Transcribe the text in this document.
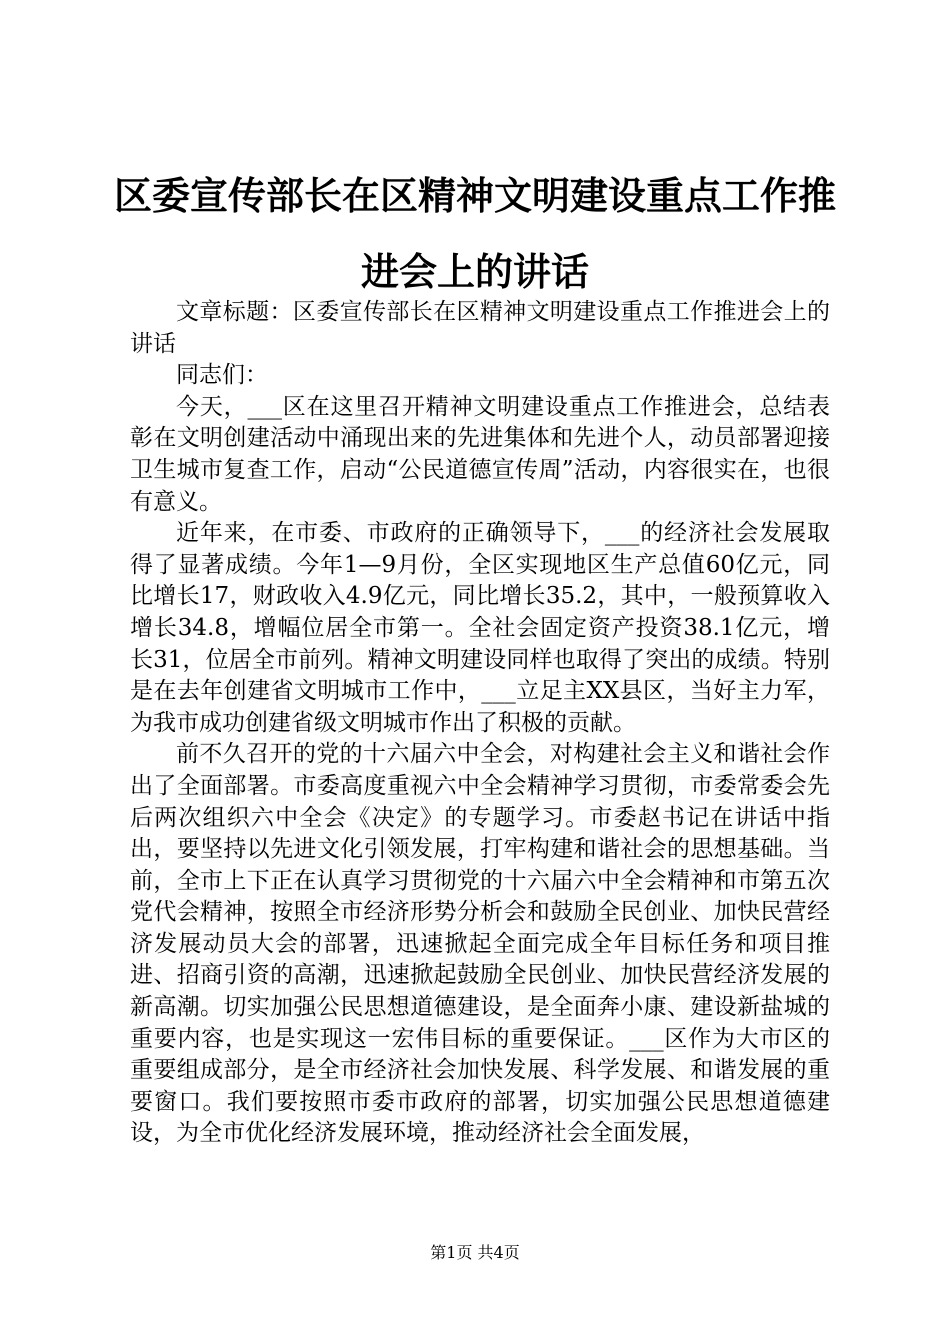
区委宣传部长在区精神文明建设重点工作推进会上的讲话

文章标题：区委宣传部长在区精神文明建设重点工作推进会上的讲话

同志们：

今天，___区在这里召开精神文明建设重点工作推进会，总结表彰在文明创建活动中涌现出来的先进集体和先进个人，动员部署迎接卫生城市复查工作，启动“公民道德宣传周”活动，内容很实在，也很有意义。

近年来，在市委、市政府的正确领导下，___的经济社会发展取得了显著成绩。今年1—9月份，全区实现地区生产总值60亿元，同比增长17，财政收入4.9亿元，同比增长35.2，其中，一般预算收入增长34.8，增幅位居全市第一。全社会固定资产投资38.1亿元，增长31，位居全市前列。精神文明建设同样也取得了突出的成绩。特别是在去年创建省文明城市工作中，___立足主XX县区，当好主力军，为我市成功创建省级文明城市作出了积极的贡献。

前不久召开的党的十六届六中全会，对构建社会主义和谐社会作出了全面部署。市委高度重视六中全会精神学习贯彻，市委常委会先后两次组织六中全会《决定》的专题学习。市委赵书记在讲话中指出，要坚持以先进文化引领发展，打牢构建和谐社会的思想基础。当前，全市上下正在认真学习贯彻党的十六届六中全会精神和市第五次党代会精神，按照全市经济形势分析会和鼓励全民创业、加快民营经济发展动员大会的部署，迅速掀起全面完成全年目标任务和项目推进、招商引资的高潮，迅速掀起鼓励全民创业、加快民营经济发展的新高潮。切实加强公民思想道德建设，是全面奔小康、建设新盐城的重要内容，也是实现这一宏伟目标的重要保证。___区作为大市区的重要组成部分，是全市经济社会加快发展、科学发展、和谐发展的重要窗口。我们要按照市委市政府的部署，切实加强公民思想道德建设，为全市优化经济发展环境，推动经济社会全面发展，

第1页 共4页
